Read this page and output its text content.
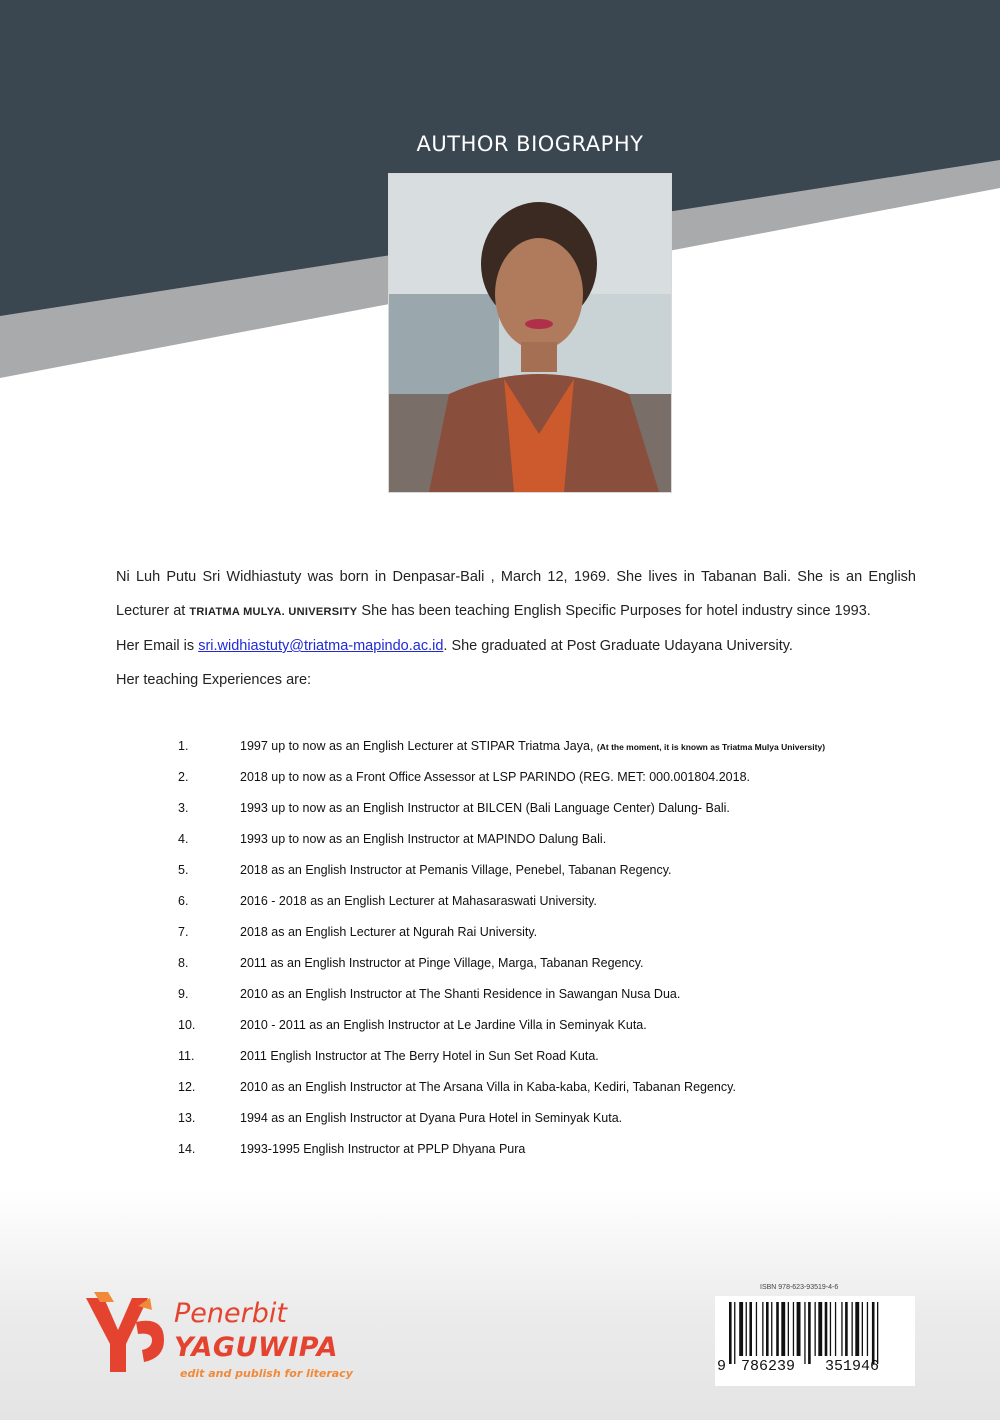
AUTHOR BIOGRAPHY

Ni Luh Putu Sri Widhiastuty was born in Denpasar-Bali , March 12, 1969. She lives in Tabanan Bali. She is an English Lecturer at TRIATMA MULYA. UNIVERSITY She has been teaching English Specific Purposes for hotel industry since 1993.

Her Email is sri.widhiastuty@triatma-mapindo.ac.id. She graduated at Post Graduate Udayana University.

Her teaching Experiences are:

1.	1997 up to now as an English Lecturer at STIPAR Triatma Jaya, (At the moment, it is known as Triatma Mulya University)
2.	2018 up to now as a Front Office Assessor at LSP PARINDO (REG. MET: 000.001804.2018.
3.	1993 up to now as an English Instructor at BILCEN (Bali Language Center) Dalung- Bali.
4.	1993 up to now as an English Instructor at MAPINDO Dalung Bali.
5.	2018 as an English Instructor at Pemanis Village, Penebel, Tabanan Regency.
6.	2016 - 2018 as an English Lecturer at Mahasaraswati University.
7.	2018 as an English Lecturer at Ngurah Rai University.
8.	2011 as an English Instructor at Pinge Village, Marga, Tabanan Regency.
9.	2010 as an English Instructor at The Shanti Residence in Sawangan Nusa Dua.
10.	2010 - 2011 as an English Instructor at Le Jardine Villa in Seminyak Kuta.
11.	2011 English Instructor at The Berry Hotel in Sun Set Road Kuta.
12.	2010 as an English Instructor at The Arsana Villa in Kaba-kaba, Kediri, Tabanan Regency.
13.	1994 as an English Instructor at Dyana Pura Hotel in Seminyak Kuta.
14.	1993-1995 English Instructor at PPLP Dhyana Pura
Penerbit
YAGUWIPA
edit and publish for literacy
ISBN 978-623-93519-4-6
9 786239 351946
